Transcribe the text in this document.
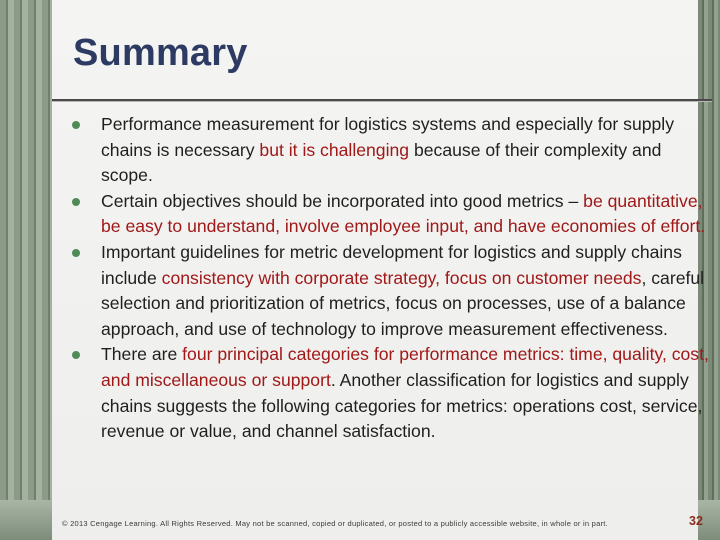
Summary
Performance measurement for logistics systems and especially for supply chains is necessary but it is challenging because of their complexity and scope.
Certain objectives should be incorporated into good metrics – be quantitative, be easy to understand, involve employee input, and have economies of effort.
Important guidelines for metric development for logistics and supply chains include consistency with corporate strategy, focus on customer needs, careful selection and prioritization of metrics, focus on processes, use of a balance approach, and use of technology to improve measurement effectiveness.
There are four principal categories for performance metrics: time, quality, cost, and miscellaneous or support. Another classification for logistics and supply chains suggests the following categories for metrics: operations cost, service, revenue or value, and channel satisfaction.
© 2013 Cengage Learning. All Rights Reserved. May not be scanned, copied or duplicated, or posted to a publicly accessible website, in whole or in part.	32
